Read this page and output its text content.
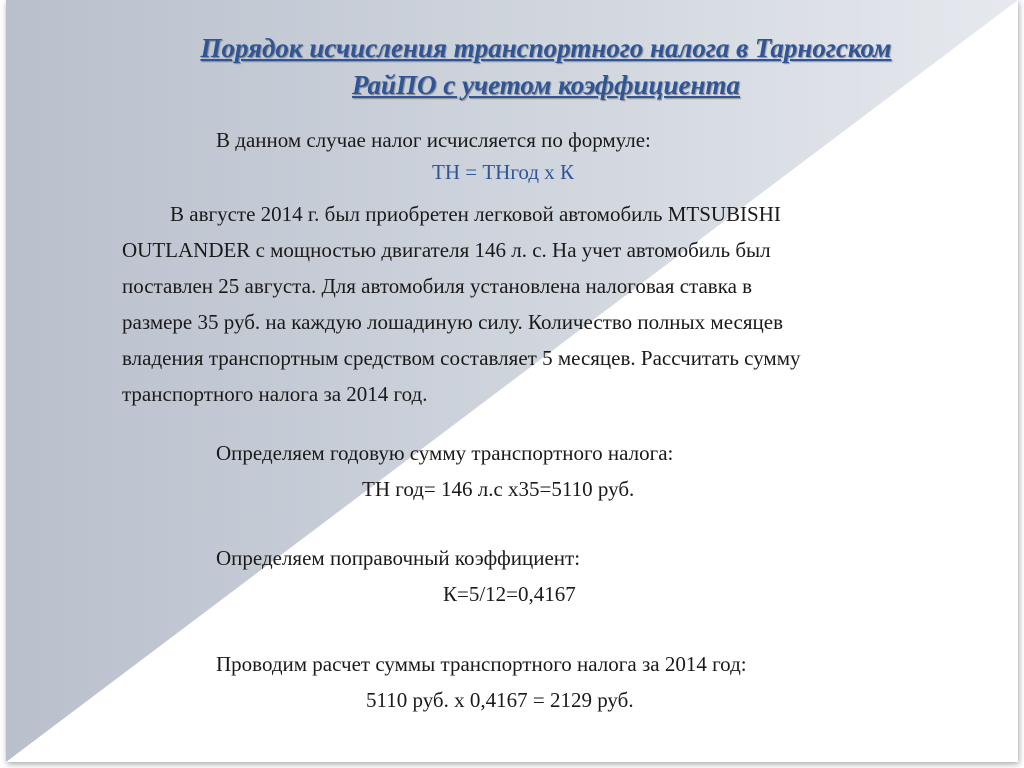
Порядок исчисления транспортного налога в Тарногском
РайПО с учетом коэффициента

В данном случае налог исчисляется по формуле:

ТН = ТНгод х К

В августе 2014 г. был приобретен легковой автомобиль MTSUBISHI
OUTLANDER с мощностью двигателя 146 л. с. На учет автомобиль был
поставлен 25 августа. Для автомобиля установлена налоговая ставка в
размере 35 руб. на каждую лошадиную силу. Количество полных месяцев
владения транспортным средством составляет 5 месяцев. Рассчитать сумму
транспортного налога за 2014 год.

Определяем годовую сумму транспортного налога:

ТН год= 146 л.с х35=5110 руб.

Определяем поправочный коэффициент:

К=5/12=0,4167

Проводим расчет суммы транспортного налога за 2014 год:

5110 руб. х 0,4167 = 2129 руб.
